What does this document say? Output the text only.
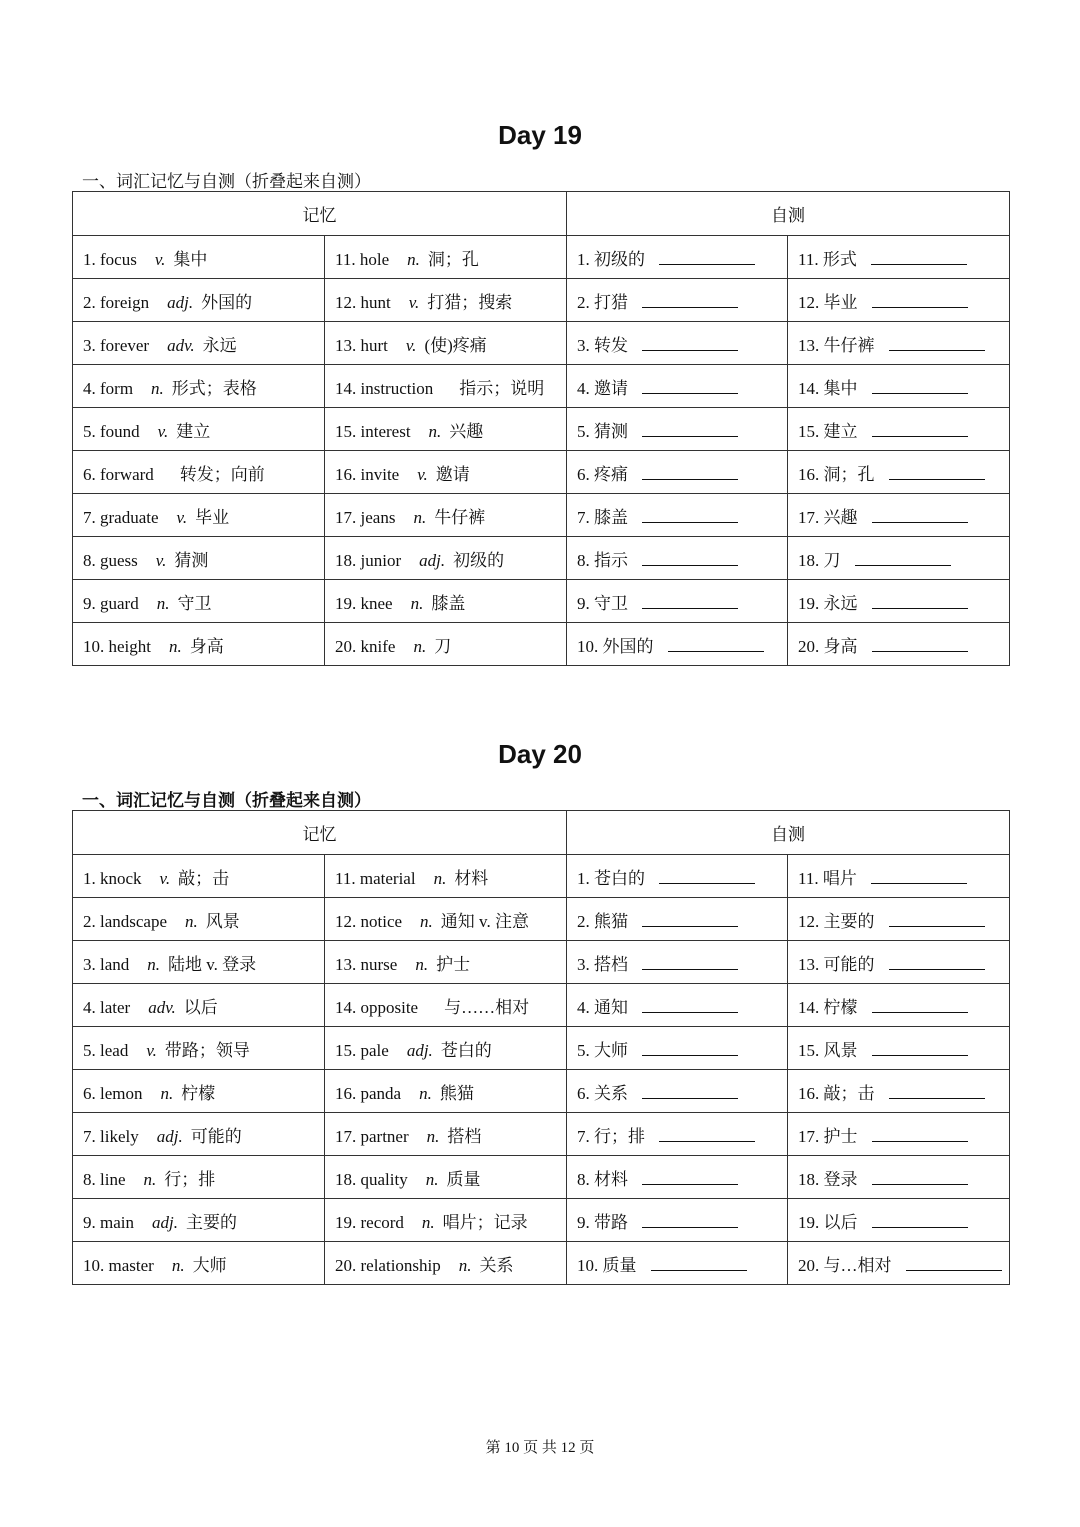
Day 19
一、词汇记忆与自测（折叠起来自测）
记忆		自测	
1. focus v. 集中	11. hole n. 洞；孔	1. 初级的	11. 形式
2. foreign adj. 外国的	12. hunt v. 打猎；搜索	2. 打猎	12. 毕业
3. forever adv. 永远	13. hurt v. (使)疼痛	3. 转发	13. 牛仔裤
4. form n. 形式；表格	14. instruction 指示；说明	4. 邀请	14. 集中
5. found v. 建立	15. interest n. 兴趣	5. 猜测	15. 建立
6. forward 转发；向前	16. invite v. 邀请	6. 疼痛	16. 洞；孔
7. graduate v. 毕业	17. jeans n. 牛仔裤	7. 膝盖	17. 兴趣
8. guess v. 猜测	18. junior adj. 初级的	8. 指示	18. 刀
9. guard n. 守卫	19. knee n. 膝盖	9. 守卫	19. 永远
10. height n. 身高	20. knife n. 刀	10. 外国的	20. 身高
Day 20
一、词汇记忆与自测（折叠起来自测）
记忆		自测	
1. knock v. 敲；击	11. material n. 材料	1. 苍白的	11. 唱片
2. landscape n. 风景	12. notice n. 通知 v. 注意	2. 熊猫	12. 主要的
3. land n. 陆地 v. 登录	13. nurse n. 护士	3. 搭档	13. 可能的
4. later adv. 以后	14. opposite 与……相对	4. 通知	14. 柠檬
5. lead v. 带路；领导	15. pale adj. 苍白的	5. 大师	15. 风景
6. lemon n. 柠檬	16. panda n. 熊猫	6. 关系	16. 敲；击
7. likely adj. 可能的	17. partner n. 搭档	7. 行；排	17. 护士
8. line n. 行；排	18. quality n. 质量	8. 材料	18. 登录
9. main adj. 主要的	19. record n. 唱片；记录	9. 带路	19. 以后
10. master n. 大师	20. relationship n. 关系	10. 质量	20. 与…相对
第 10 页 共 12 页
